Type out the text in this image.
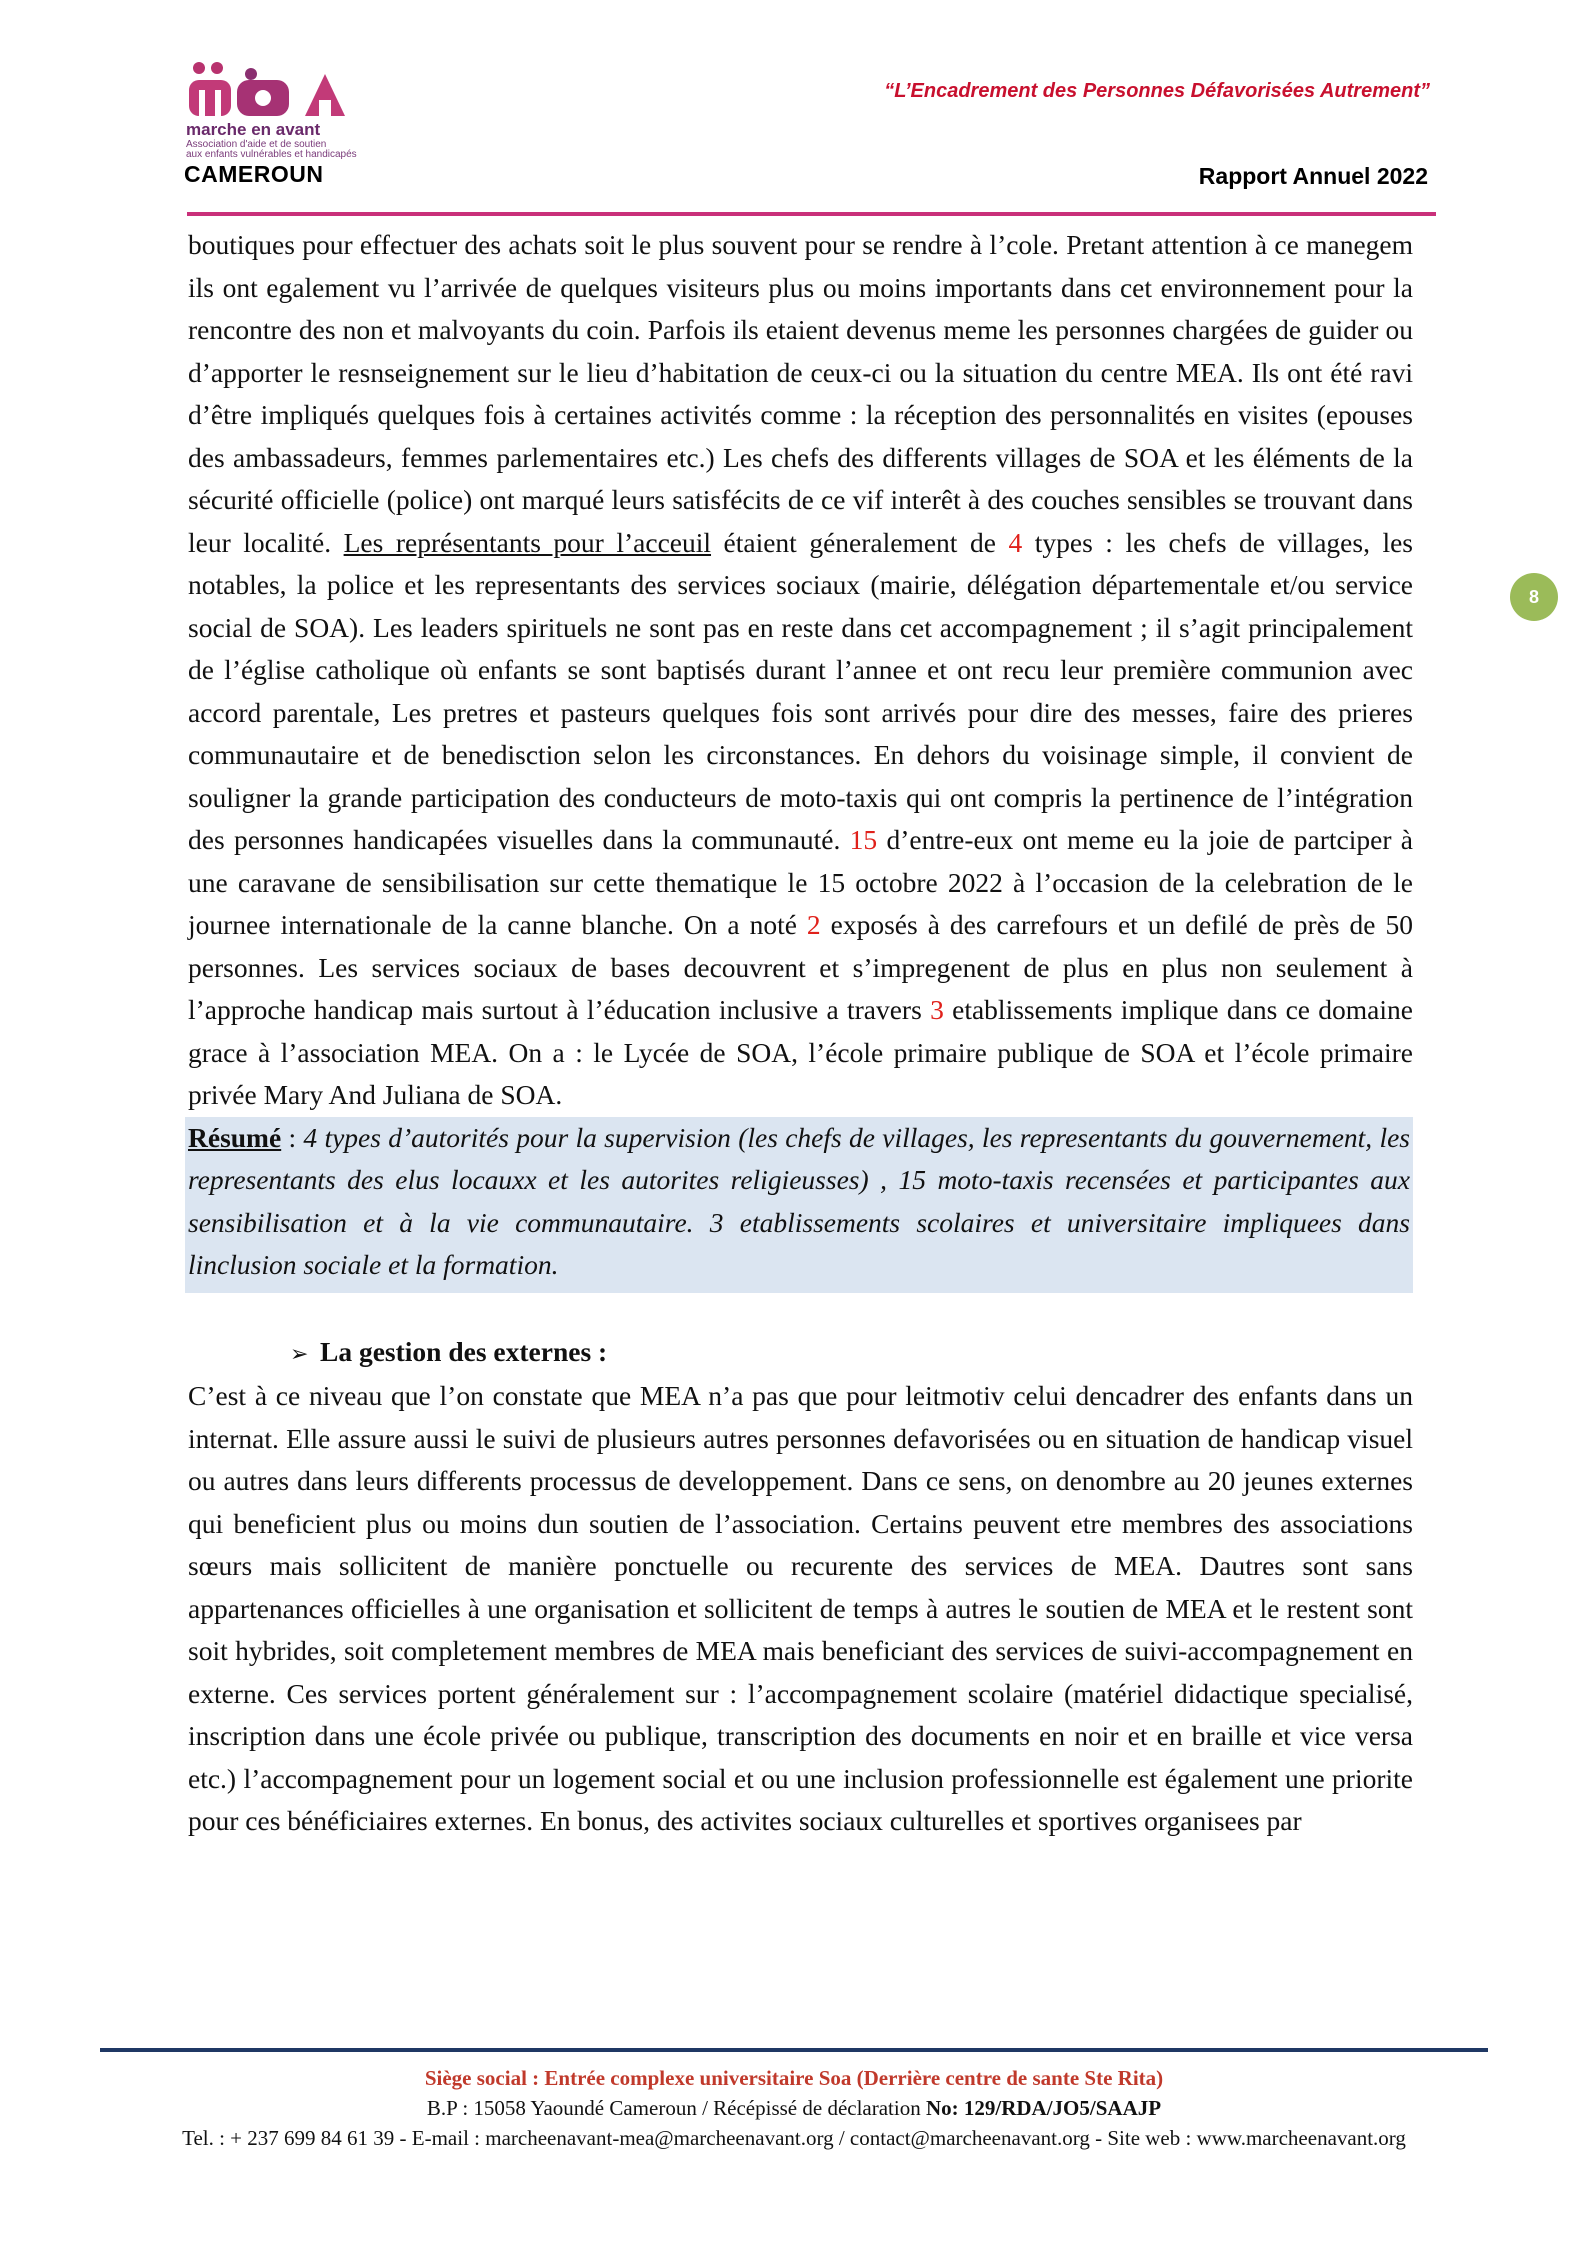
marche en avant
Association d'aide et de soutien
aux enfants vulnérables et handicapés
CAMEROUN
“L’Encadrement des Personnes Défavorisées Autrement”
Rapport Annuel 2022
8

boutiques pour effectuer des achats soit le plus souvent pour se rendre à l’cole. Pretant attention à ce manegem ils ont egalement vu l’arrivée de quelques visiteurs plus ou moins importants dans cet environnement pour la rencontre des non et malvoyants du coin. Parfois ils etaient devenus meme les personnes chargées de guider ou d’apporter le resnseignement sur le lieu d’habitation de ceux-ci ou la situation du centre MEA. Ils ont été ravi d’être impliqués quelques fois à certaines activités comme : la réception des personnalités en visites (epouses des ambassadeurs, femmes parlementaires etc.) Les chefs des differents villages de SOA et les éléments de la sécurité officielle (police) ont marqué leurs satisfécits de ce vif interêt à des couches sensibles se trouvant dans leur localité. Les représentants pour l’acceuil étaient géneralement de 4 types : les chefs de villages, les notables, la police et les representants des services sociaux (mairie, délégation départementale et/ou service social de SOA). Les leaders spirituels ne sont pas en reste dans cet accompagnement ; il s’agit principalement de l’église catholique où enfants se sont baptisés durant l’annee et ont recu leur première communion avec accord parentale, Les pretres et pasteurs quelques fois sont arrivés pour dire des messes, faire des prieres communautaire et de benedisction selon les circonstances. En dehors du voisinage simple, il convient de souligner la grande participation des conducteurs de moto-taxis qui ont compris la pertinence de l’intégration des personnes handicapées visuelles dans la communauté. 15 d’entre-eux ont meme eu la joie de partciper à une caravane de sensibilisation sur cette thematique le 15 octobre 2022 à l’occasion de la celebration de le journee internationale de la canne blanche. On a noté 2 exposés à des carrefours et un defilé de près de 50 personnes. Les services sociaux de bases decouvrent et s’impregenent de plus en plus non seulement à l’approche handicap mais surtout à l’éducation inclusive a travers 3 etablissements implique dans ce domaine grace à l’association MEA. On a : le Lycée de SOA, l’école primaire publique de SOA et l’école primaire privée Mary And Juliana de SOA.

Résumé : 4 types d’autorités pour la supervision (les chefs de villages, les representants du gouvernement, les representants des elus locauxx et les autorites religieusses) , 15 moto-taxis recensées et participantes aux sensibilisation et à la vie communautaire. 3 etablissements scolaires et universitaire impliquees dans linclusion sociale et la formation.

➢ La gestion des externes :

C’est à ce niveau que l’on constate que MEA n’a pas que pour leitmotiv celui dencadrer des enfants dans un internat. Elle assure aussi le suivi de plusieurs autres personnes defavorisées ou en situation de handicap visuel ou autres dans leurs differents processus de developpement. Dans ce sens, on denombre au 20 jeunes externes qui beneficient plus ou moins dun soutien de l’association. Certains peuvent etre membres des associations sœurs mais sollicitent de manière ponctuelle ou recurente des services de MEA. Dautres sont sans appartenances officielles à une organisation et sollicitent de temps à autres le soutien de MEA et le restent sont soit hybrides, soit completement membres de MEA mais beneficiant des services de suivi-accompagnement en externe. Ces services portent généralement sur : l’accompagnement scolaire (matériel didactique specialisé, inscription dans une école privée ou publique, transcription des documents en noir et en braille et vice versa etc.) l’accompagnement pour un logement social et ou une inclusion professionnelle est également une priorite pour ces bénéficiaires externes. En bonus, des activites sociaux culturelles et sportives organisees par

Siège social : Entrée complexe universitaire Soa (Derrière centre de sante Ste Rita)
B.P : 15058 Yaoundé Cameroun / Récépissé de déclaration No: 129/RDA/JO5/SAAJP
Tel. : + 237 699 84 61 39 - E-mail : marcheenavant-mea@marcheenavant.org / contact@marcheenavant.org - Site web : www.marcheenavant.org
